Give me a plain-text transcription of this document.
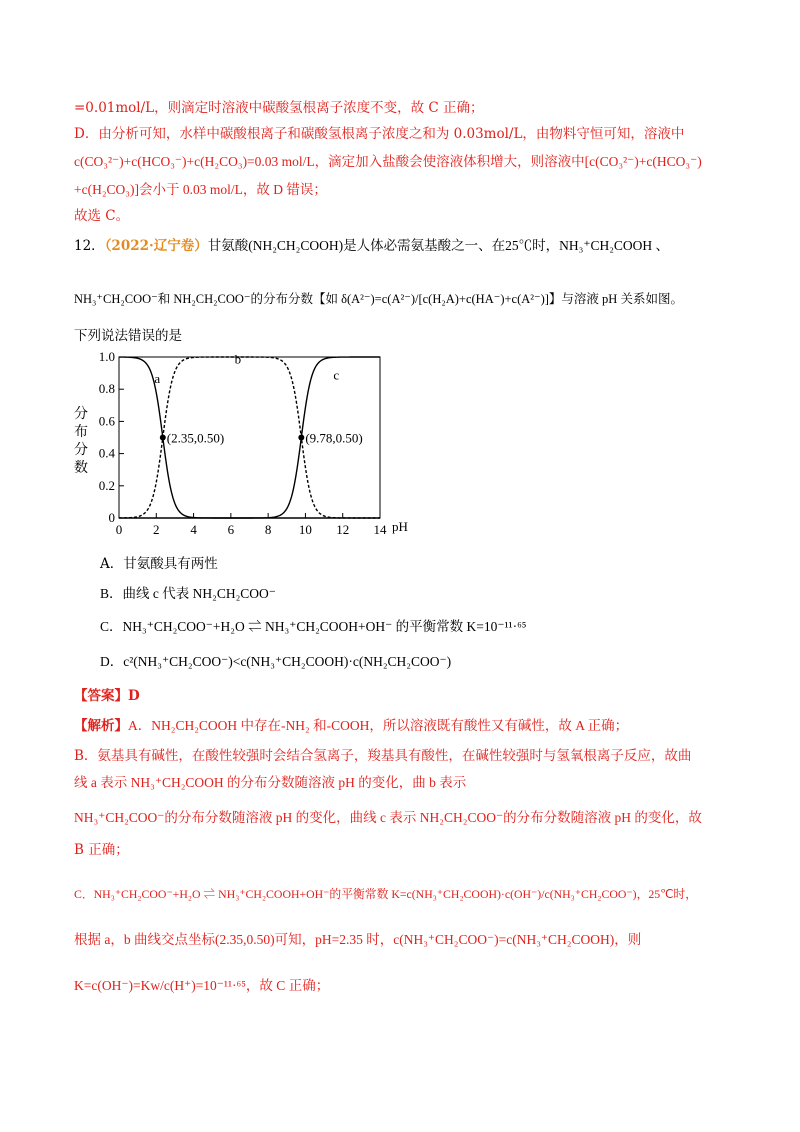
=0.01mol/L，则滴定时溶液中碳酸氢根离子浓度不变，故 C 正确；
D．由分析可知，水样中碳酸根离子和碳酸氢根离子浓度之和为 0.03mol/L，由物料守恒可知，溶液中
c(CO₃²⁻)+c(HCO₃⁻)+c(H₂CO₃)=0.03 mol/L，滴定加入盐酸会使溶液体积增大，则溶液中[c(CO₃²⁻)+c(HCO₃⁻)
+c(H₂CO₃)]会小于 0.03 mol/L，故 D 错误；
故选 C。
12．（2022·辽宁卷）甘氨酸(NH₂CH₂COOH)是人体必需氨基酸之一、在25℃时，NH₃⁺CH₂COOH 、
NH₃⁺CH₂COO⁻和 NH₂CH₂COO⁻的分布分数【如 δ(A²⁻)=c(A²⁻)/[c(H₂A)+c(HA⁻)+c(A²⁻)]】与溶液 pH 关系如图。
下列说法错误的是
0 2 4 6 8 10 12 14
0
0.2
0.4
0.6
0.8
1.0
a
b
c
(2.35,0.50)	(9.78,0.50)
分布分数
pH
A．甘氨酸具有两性
B．曲线 c 代表 NH₂CH₂COO⁻
C．NH₃⁺CH₂COO⁻+H₂O ⇌ NH₃⁺CH₂COOH+OH⁻ 的平衡常数 K=10⁻¹¹·⁶⁵
D．c²(NH₃⁺CH₂COO⁻)<c(NH₃⁺CH₂COOH)·c(NH₂CH₂COO⁻)
【答案】D
【解析】A．NH₂CH₂COOH 中存在-NH₂ 和-COOH，所以溶液既有酸性又有碱性，故 A 正确；
B．氨基具有碱性，在酸性较强时会结合氢离子，羧基具有酸性，在碱性较强时与氢氧根离子反应，故曲
线 a 表示 NH₃⁺CH₂COOH 的分布分数随溶液 pH 的变化，曲 b 表示
NH₃⁺CH₂COO⁻的分布分数随溶液 pH 的变化，曲线 c 表示 NH₂CH₂COO⁻的分布分数随溶液 pH 的变化，故
B 正确；
C．NH₃⁺CH₂COO⁻+H₂O ⇌ NH₃⁺CH₂COOH+OH⁻的平衡常数 K=c(NH₃⁺CH₂COOH)·c(OH⁻)/c(NH₃⁺CH₂COO⁻)，25℃时，
根据 a，b 曲线交点坐标(2.35,0.50)可知，pH=2.35 时，c(NH₃⁺CH₂COO⁻)=c(NH₃⁺CH₂COOH)，则
K=c(OH⁻)=Kw/c(H⁺)=10⁻¹¹·⁶⁵，故 C 正确；
